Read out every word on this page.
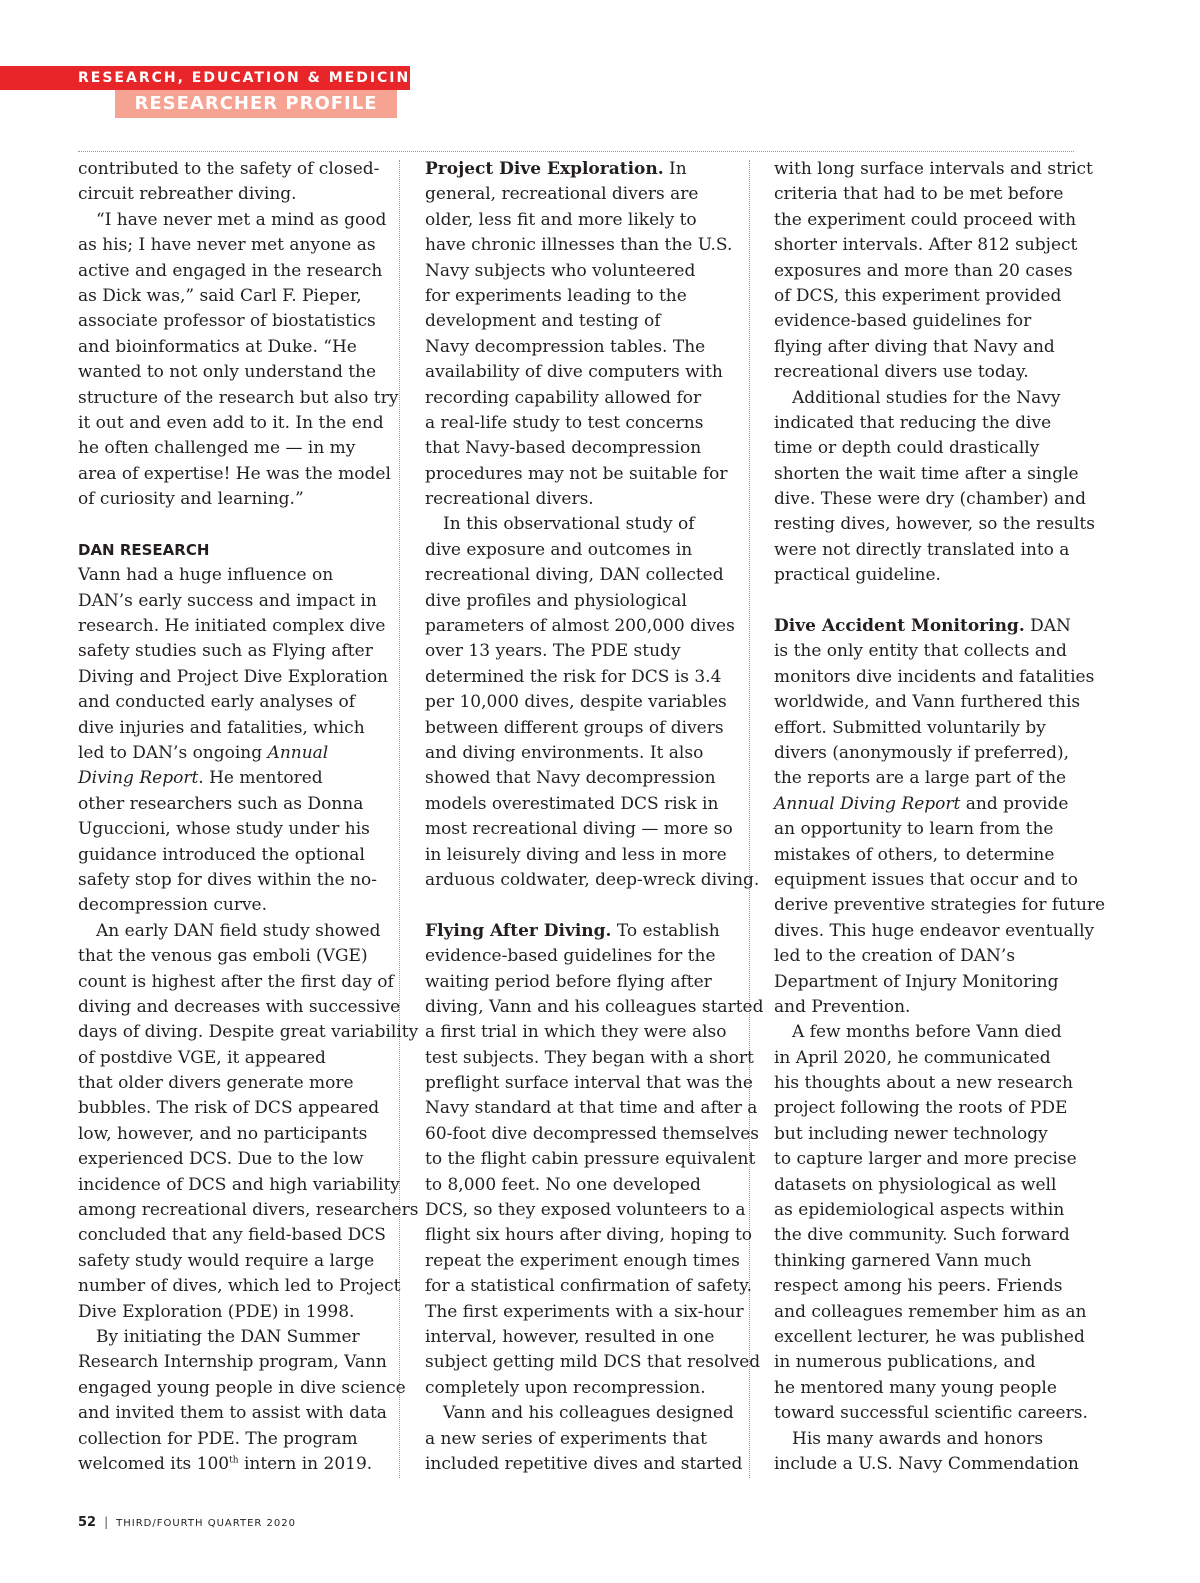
RESEARCH, EDUCATION & MEDICINE
RESEARCHER PROFILE
contributed to the safety of closed-
circuit rebreather diving.
“I have never met a mind as good
as his; I have never met anyone as
active and engaged in the research
as Dick was,” said Carl F. Pieper,
associate professor of biostatistics
and bioinformatics at Duke. “He
wanted to not only understand the
structure of the research but also try
it out and even add to it. In the end
he often challenged me — in my
area of expertise! He was the model
of curiosity and learning.”
DAN RESEARCH
Vann had a huge influence on
DAN’s early success and impact in
research. He initiated complex dive
safety studies such as Flying after
Diving and Project Dive Exploration
and conducted early analyses of
dive injuries and fatalities, which
led to DAN’s ongoing Annual
Diving Report. He mentored
other researchers such as Donna
Uguccioni, whose study under his
guidance introduced the optional
safety stop for dives within the no-
decompression curve.
An early DAN field study showed
that the venous gas emboli (VGE)
count is highest after the first day of
diving and decreases with successive
days of diving. Despite great variability
of postdive VGE, it appeared
that older divers generate more
bubbles. The risk of DCS appeared
low, however, and no participants
experienced DCS. Due to the low
incidence of DCS and high variability
among recreational divers, researchers
concluded that any field-based DCS
safety study would require a large
number of dives, which led to Project
Dive Exploration (PDE) in 1998.
By initiating the DAN Summer
Research Internship program, Vann
engaged young people in dive science
and invited them to assist with data
collection for PDE. The program
welcomed its 100th intern in 2019.
Project Dive Exploration. In
general, recreational divers are
older, less fit and more likely to
have chronic illnesses than the U.S.
Navy subjects who volunteered
for experiments leading to the
development and testing of
Navy decompression tables. The
availability of dive computers with
recording capability allowed for
a real-life study to test concerns
that Navy-based decompression
procedures may not be suitable for
recreational divers.
In this observational study of
dive exposure and outcomes in
recreational diving, DAN collected
dive profiles and physiological
parameters of almost 200,000 dives
over 13 years. The PDE study
determined the risk for DCS is 3.4
per 10,000 dives, despite variables
between different groups of divers
and diving environments. It also
showed that Navy decompression
models overestimated DCS risk in
most recreational diving — more so
in leisurely diving and less in more
arduous coldwater, deep-wreck diving.
Flying After Diving. To establish
evidence-based guidelines for the
waiting period before flying after
diving, Vann and his colleagues started
a first trial in which they were also
test subjects. They began with a short
preflight surface interval that was the
Navy standard at that time and after a
60-foot dive decompressed themselves
to the flight cabin pressure equivalent
to 8,000 feet. No one developed
DCS, so they exposed volunteers to a
flight six hours after diving, hoping to
repeat the experiment enough times
for a statistical confirmation of safety.
The first experiments with a six-hour
interval, however, resulted in one
subject getting mild DCS that resolved
completely upon recompression.
Vann and his colleagues designed
a new series of experiments that
included repetitive dives and started
with long surface intervals and strict
criteria that had to be met before
the experiment could proceed with
shorter intervals. After 812 subject
exposures and more than 20 cases
of DCS, this experiment provided
evidence-based guidelines for
flying after diving that Navy and
recreational divers use today.
Additional studies for the Navy
indicated that reducing the dive
time or depth could drastically
shorten the wait time after a single
dive. These were dry (chamber) and
resting dives, however, so the results
were not directly translated into a
practical guideline.
Dive Accident Monitoring. DAN
is the only entity that collects and
monitors dive incidents and fatalities
worldwide, and Vann furthered this
effort. Submitted voluntarily by
divers (anonymously if preferred),
the reports are a large part of the
Annual Diving Report and provide
an opportunity to learn from the
mistakes of others, to determine
equipment issues that occur and to
derive preventive strategies for future
dives. This huge endeavor eventually
led to the creation of DAN’s
Department of Injury Monitoring
and Prevention.
A few months before Vann died
in April 2020, he communicated
his thoughts about a new research
project following the roots of PDE
but including newer technology
to capture larger and more precise
datasets on physiological as well
as epidemiological aspects within
the dive community. Such forward
thinking garnered Vann much
respect among his peers. Friends
and colleagues remember him as an
excellent lecturer, he was published
in numerous publications, and
he mentored many young people
toward successful scientific careers.
His many awards and honors
include a U.S. Navy Commendation
52 | THIRD/FOURTH QUARTER 2020
